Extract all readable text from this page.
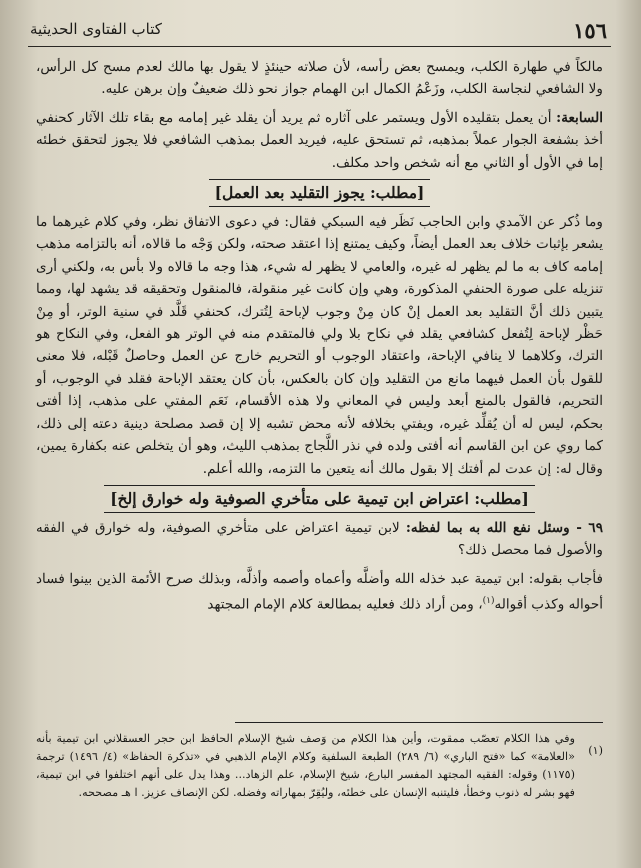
١٥٦
كتاب الفتاوى الحديثية

مالكاً في طهارة الكلب، ويمسح بعض رأسه، لأن صلاته حينئذٍ لا يقول بها مالك لعدم مسح كل الرأس، ولا الشافعي لنجاسة الكلب، وزَعْمُ الكمال ابن الهمام جواز نحو ذلك ضعيفٌ وإن برهن عليه.

السابعة: أن يعمل بتقليده الأول ويستمر على آثاره ثم يريد أن يقلد غير إمامه مع بقاء تلك الآثار كحنفي أخذ بشفعة الجوار عملاً بمذهبه، ثم تستحق عليه، فيريد العمل بمذهب الشافعي فلا يجوز لتحقق خطئه إما في الأول أو الثاني مع أنه شخص واحد مكلف.

[مطلب: يجوز التقليد بعد العمل]

وما ذُكر عن الآمدي وابن الحاجب نَظَر فيه السبكي فقال: في دعوى الاتفاق نظر، وفي كلام غيرهما ما يشعر بإثبات خلاف بعد العمل أيضاً، وكيف يمتنع إذا اعتقد صحته، ولكن وَجْه ما قالاه، أنه بالتزامه مذهب إمامه كاف به ما لم يظهر له غيره، والعامي لا يظهر له شيء، هذا وجه ما قالاه ولا بأس به، ولكني أرى تنزيله على صورة الحنفي المذكورة، وهي وإن كانت غير منقولة، فالمنقول وتحقيقه قد يشهد لها، ومما يتبين ذلك أنَّ التقليد بعد العمل إنْ كان مِنْ وجوب لإباحة لِتُترك، كحنفي قَلَّد في سنية الوتر، أو مِنْ حَظْر لإباحة لِتُفعل كشافعي يقلد في نكاح بلا ولي فالمتقدم منه في الوتر هو الفعل، وفي النكاح هو الترك، وكلاهما لا ينافي الإباحة، واعتقاد الوجوب أو التحريم خارج عن العمل وحاصلٌ قَبْله، فلا معنى للقول بأن العمل فيهما مانع من التقليد وإن كان بالعكس، بأن كان يعتقد الإباحة فقلد في الوجوب، أو التحريم، فالقول بالمنع أبعد وليس في المعاني ولا هذه الأقسام، نَعَم المفتي على مذهب، إذا أفتى بحكم، ليس له أن يُقلِّد غيره، ويفتي بخلافه لأنه محض تشبه إلا إن قصد مصلحة دينية دعته إلى ذلك، كما روي عن ابن القاسم أنه أفتى ولده في نذر اللَّجاج بمذهب الليث، وهو أن يتخلص عنه بكفارة يمين، وقال له: إن عدت لم أفتك إلا بقول مالك أنه يتعين ما التزمه، والله أعلم.

[مطلب: اعتراض ابن تيمية على متأخري الصوفية وله خوارق إلخ]

٦٩ - وسئل نفع الله به بما لفظه: لابن تيمية اعتراض على متأخري الصوفية، وله خوارق في الفقه والأصول فما محصل ذلك؟

فأجاب بقوله: ابن تيمية عبد خذله الله وأضلَّه وأعماه وأصمه وأذلَّه، وبذلك صرح الأئمة الذين بينوا فساد أحواله وكذب أقواله$^{(١)}$، ومن أراد ذلك فعليه بمطالعة كلام الإمام المجتهد

(١)
وفي هذا الكلام تعصّب ممقوت، وأين هذا الكلام من وَصف شيخ الإسلام الحافظ ابن حجر العسقلاني ابن تيمية بأنه «العلامة» كما «فتح الباري» (٦/ ٢٨٩) الطبعة السلفية وكلام الإمام الذهبي في «تذكرة الحفاظ» (٤/ ١٤٩٦) ترجمة (١١٧٥) وقوله: الفقيه المجتهد المفسر البارع، شيخ الإسلام، علم الزهاد... وهذا يدل على أنهم اختلفوا في ابن تيمية، فهو بشر له ذنوب وخطأ، فليتنبه الإنسان على خطئه، وليُقِرّ بمهاراته وفضله. لكن الإنصاف عزيز. ا هـ مصححه.
